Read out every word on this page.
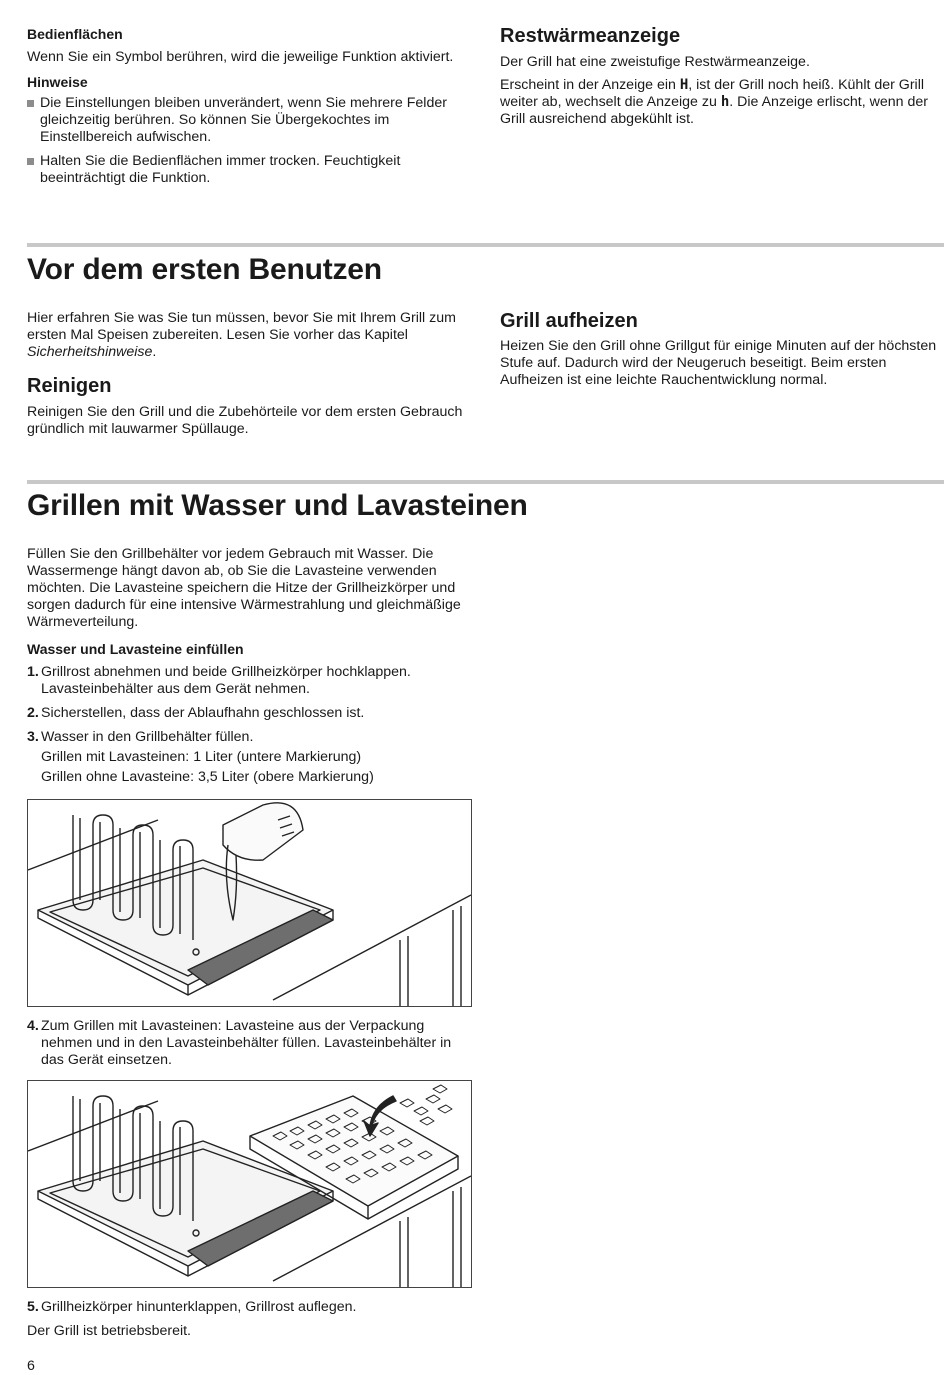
Bedienflächen

Wenn Sie ein Symbol berühren, wird die jeweilige Funktion aktiviert.

Hinweise

Die Einstellungen bleiben unverändert, wenn Sie mehrere Felder gleichzeitig berühren. So können Sie Übergekochtes im Einstellbereich aufwischen.

Halten Sie die Bedienflächen immer trocken. Feuchtigkeit beeinträchtigt die Funktion.

Restwärmeanzeige

Der Grill hat eine zweistufige Restwärmeanzeige.

Erscheint in der Anzeige ein H, ist der Grill noch heiß. Kühlt der Grill weiter ab, wechselt die Anzeige zu h. Die Anzeige erlischt, wenn der Grill ausreichend abgekühlt ist.

Vor dem ersten Benutzen

Hier erfahren Sie was Sie tun müssen, bevor Sie mit Ihrem Grill zum ersten Mal Speisen zubereiten. Lesen Sie vorher das Kapitel Sicherheitshinweise.

Reinigen

Reinigen Sie den Grill und die Zubehörteile vor dem ersten Gebrauch gründlich mit lauwarmer Spüllauge.

Grill aufheizen

Heizen Sie den Grill ohne Grillgut für einige Minuten auf der höchsten Stufe auf. Dadurch wird der Neugeruch beseitigt. Beim ersten Aufheizen ist eine leichte Rauchentwicklung normal.

Grillen mit Wasser und Lavasteinen

Füllen Sie den Grillbehälter vor jedem Gebrauch mit Wasser. Die Wassermenge hängt davon ab, ob Sie die Lavasteine verwenden möchten. Die Lavasteine speichern die Hitze der Grillheizkörper und sorgen dadurch für eine intensive Wärmestrahlung und gleichmäßige Wärmeverteilung.

Wasser und Lavasteine einfüllen
1. Grillrost abnehmen und beide Grillheizkörper hochklappen. Lavasteinbehälter aus dem Gerät nehmen.

2. Sicherstellen, dass der Ablaufhahn geschlossen ist.

3. Wasser in den Grillbehälter füllen.

Grillen mit Lavasteinen: 1 Liter (untere Markierung)

Grillen ohne Lavasteine: 3,5 Liter (obere Markierung)

4. Zum Grillen mit Lavasteinen: Lavasteine aus der Verpackung nehmen und in den Lavasteinbehälter füllen. Lavasteinbehälter in das Gerät einsetzen.

5. Grillheizkörper hinunterklappen, Grillrost auflegen.

Der Grill ist betriebsbereit.

6
